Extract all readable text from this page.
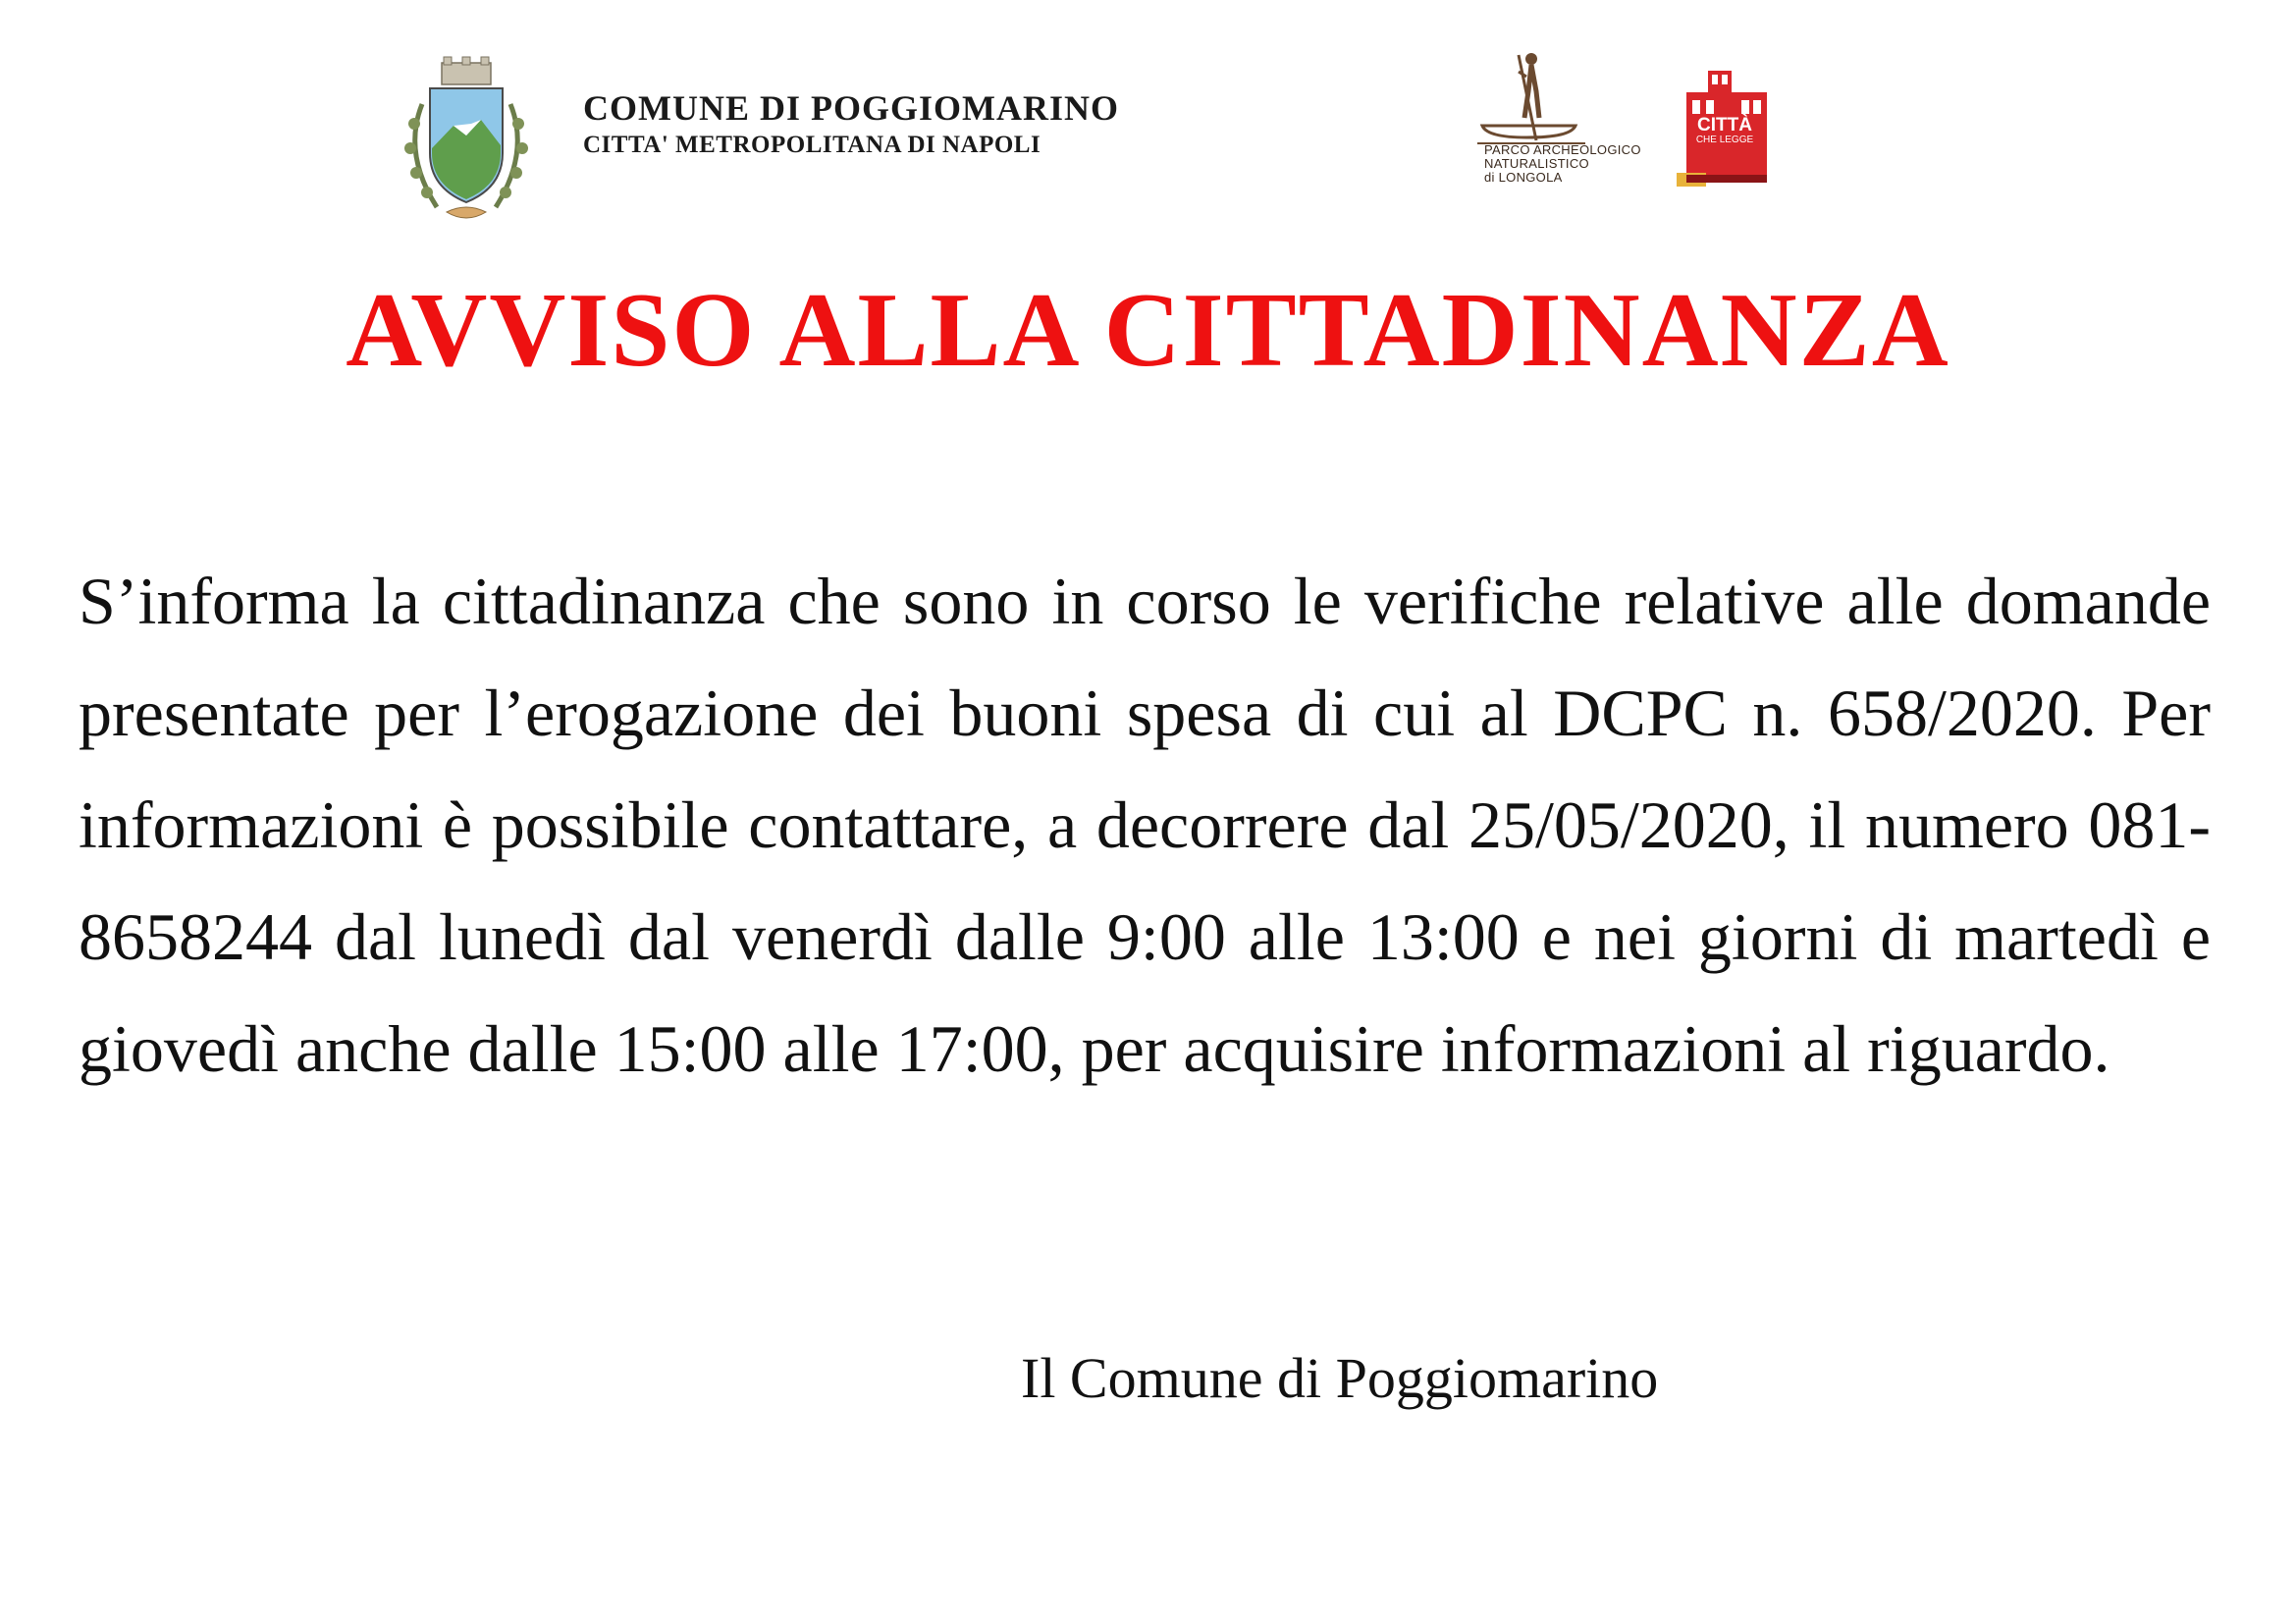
COMUNE DI POGGIOMARINO
CITTA' METROPOLITANA DI NAPOLI	PARCO ARCHEOLOGICO
NATURALISTICO
di LONGOLA
CITTÀ
CHE LEGGE
AVVISO ALLA CITTADINANZA
S’informa la cittadinanza che sono in corso le verifiche relative alle domande presentate per l’erogazione dei buoni spesa di cui al DCPC n. 658/2020. Per informazioni è possibile contattare, a decorrere dal 25/05/2020, il numero 081-8658244 dal lunedì dal venerdì dalle 9:00 alle 13:00 e nei giorni di martedì e giovedì anche dalle 15:00 alle 17:00, per acquisire informazioni al riguardo.
Il Comune di Poggiomarino
